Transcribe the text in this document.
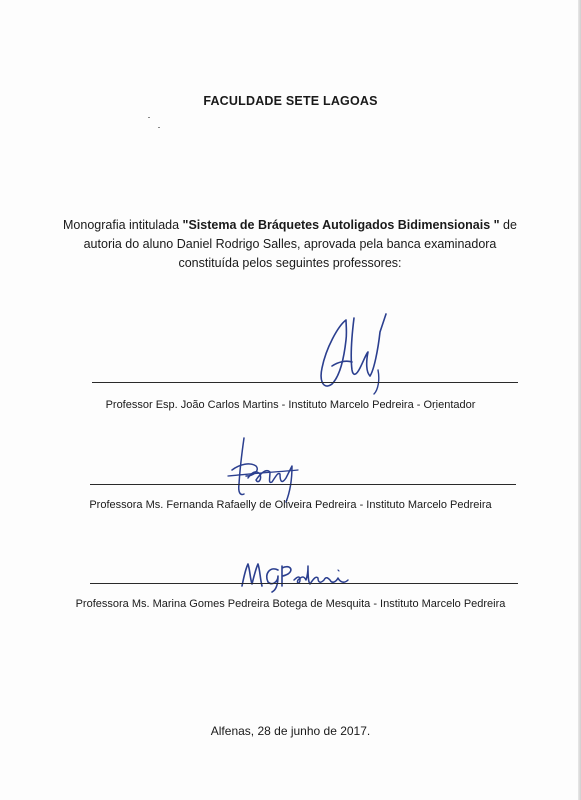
FACULDADE SETE LAGOAS
Monografia intitulada "Sistema de Bráquetes Autoligados Bidimensionais " de
autoria do aluno Daniel Rodrigo Salles, aprovada pela banca examinadora
constituída pelos seguintes professores:
Professor Esp. João Carlos Martins - Instituto Marcelo Pedreira - Orientador
Professora Ms. Fernanda Rafaelly de Oliveira Pedreira - Instituto Marcelo Pedreira
Professora Ms. Marina Gomes Pedreira Botega de Mesquita - Instituto Marcelo Pedreira
Alfenas, 28 de junho de 2017.
